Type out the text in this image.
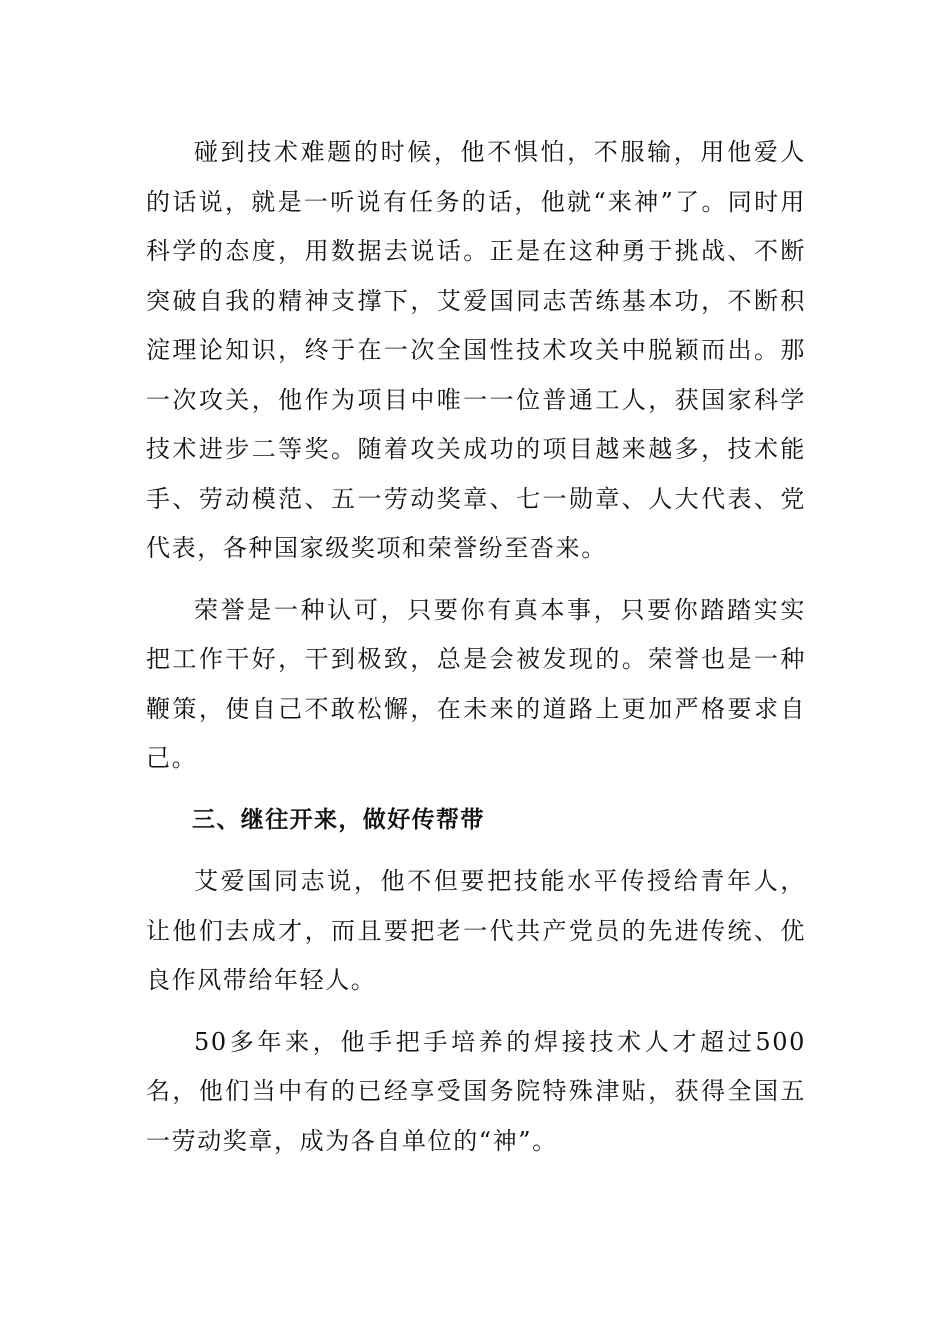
碰到技术难题的时候，他不惧怕，不服输，用他爱人的话说，就是一听说有任务的话，他就“来神”了。同时用科学的态度，用数据去说话。正是在这种勇于挑战、不断突破自我的精神支撑下，艾爱国同志苦练基本功，不断积淀理论知识，终于在一次全国性技术攻关中脱颖而出。那一次攻关，他作为项目中唯一一位普通工人，获国家科学技术进步二等奖。随着攻关成功的项目越来越多，技术能手、劳动模范、五一劳动奖章、七一勋章、人大代表、党代表，各种国家级奖项和荣誉纷至沓来。

荣誉是一种认可，只要你有真本事，只要你踏踏实实把工作干好，干到极致，总是会被发现的。荣誉也是一种鞭策，使自己不敢松懈，在未来的道路上更加严格要求自己。

三、继往开来，做好传帮带

艾爱国同志说，他不但要把技能水平传授给青年人，让他们去成才，而且要把老一代共产党员的先进传统、优良作风带给年轻人。

50多年来，他手把手培养的焊接技术人才超过500名，他们当中有的已经享受国务院特殊津贴，获得全国五一劳动奖章，成为各自单位的“神”。
